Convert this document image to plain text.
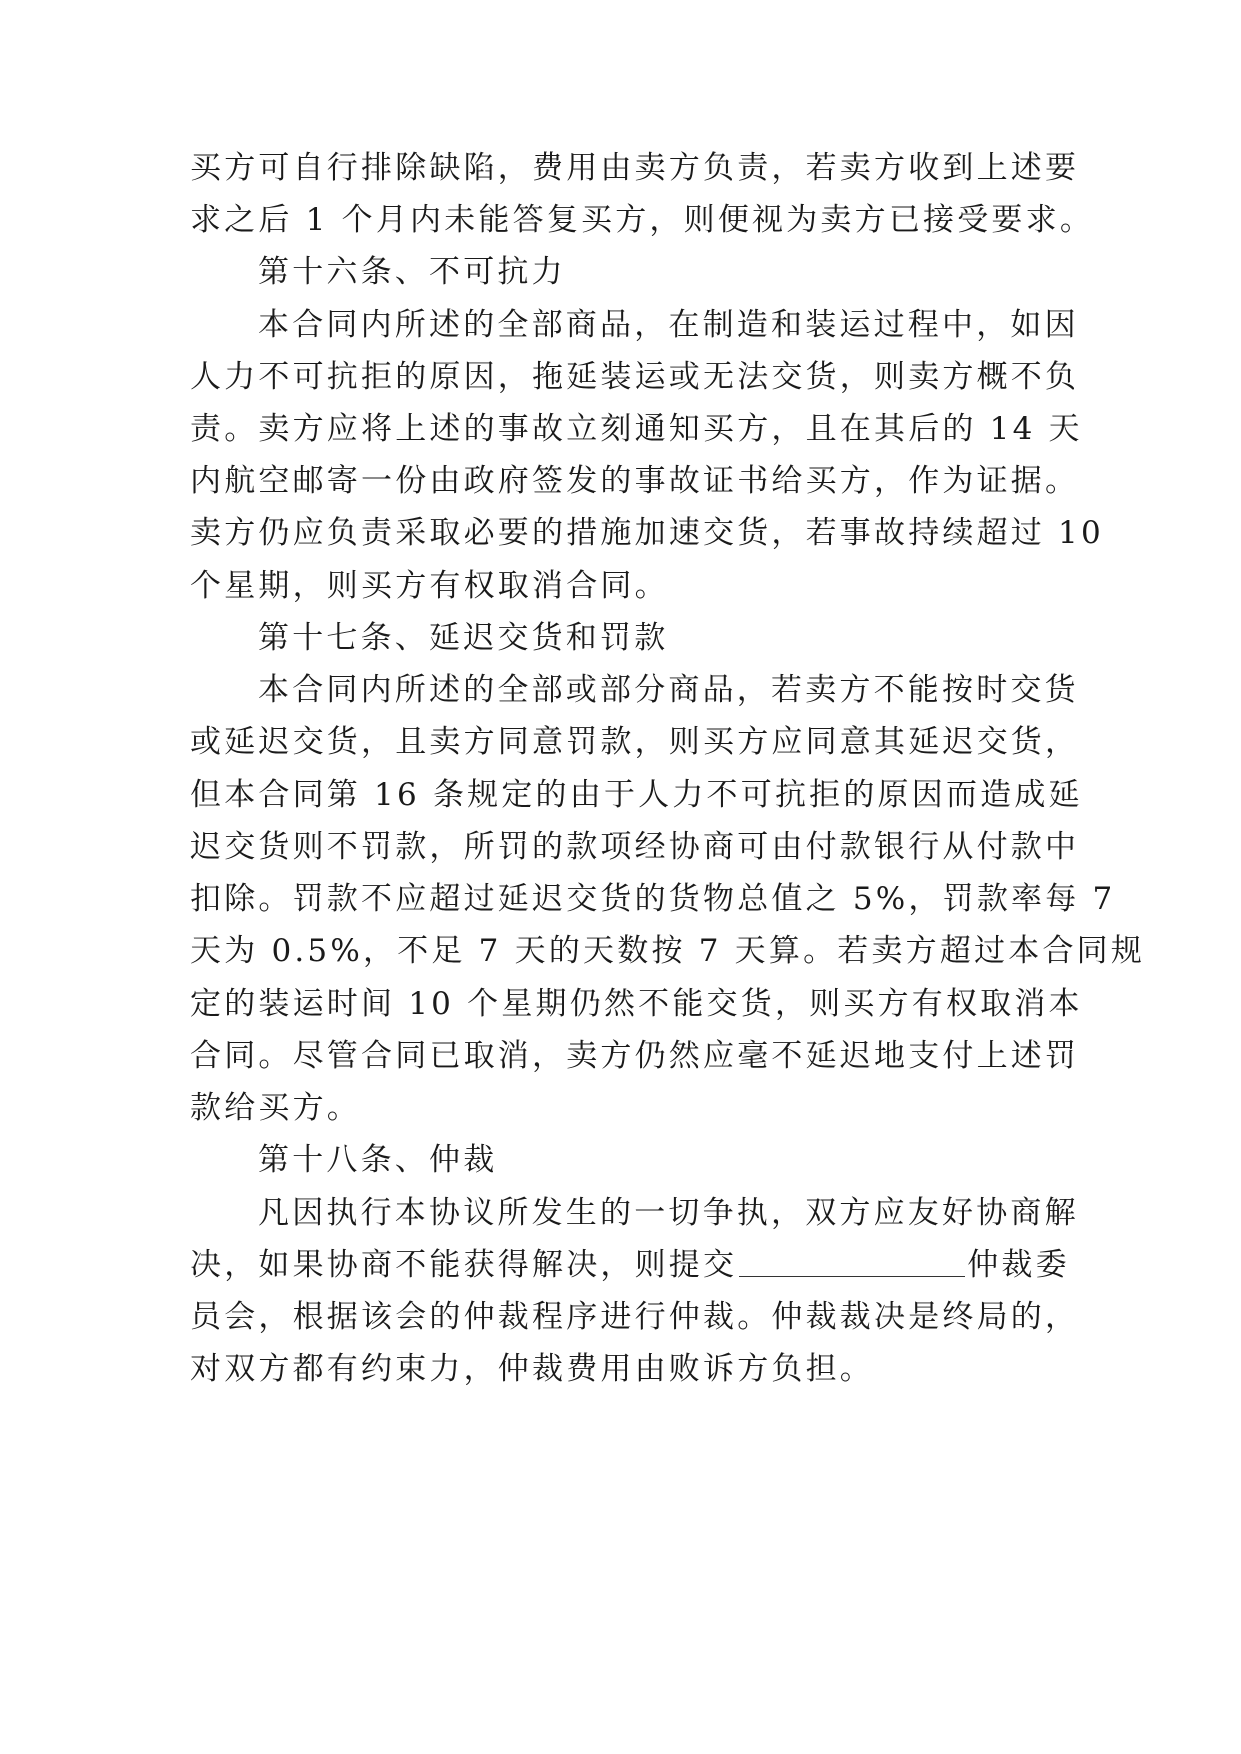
买方可自行排除缺陷，费用由卖方负责，若卖方收到上述要
求之后 1 个月内未能答复买方，则便视为卖方已接受要求。
第十六条、不可抗力
本合同内所述的全部商品，在制造和装运过程中，如因
人力不可抗拒的原因，拖延装运或无法交货，则卖方概不负
责。卖方应将上述的事故立刻通知买方，且在其后的 14 天
内航空邮寄一份由政府签发的事故证书给买方，作为证据。
卖方仍应负责采取必要的措施加速交货，若事故持续超过 10
个星期，则买方有权取消合同。
第十七条、延迟交货和罚款
本合同内所述的全部或部分商品，若卖方不能按时交货
或延迟交货，且卖方同意罚款，则买方应同意其延迟交货，
但本合同第 16 条规定的由于人力不可抗拒的原因而造成延
迟交货则不罚款，所罚的款项经协商可由付款银行从付款中
扣除。罚款不应超过延迟交货的货物总值之 5%，罚款率每 7
天为 0.5%，不足 7 天的天数按 7 天算。若卖方超过本合同规
定的装运时间 10 个星期仍然不能交货，则买方有权取消本
合同。尽管合同已取消，卖方仍然应毫不延迟地支付上述罚
款给买方。
第十八条、仲裁
凡因执行本协议所发生的一切争执，双方应友好协商解
决，如果协商不能获得解决，则提交	仲裁委
员会，根据该会的仲裁程序进行仲裁。仲裁裁决是终局的，
对双方都有约束力，仲裁费用由败诉方负担。
